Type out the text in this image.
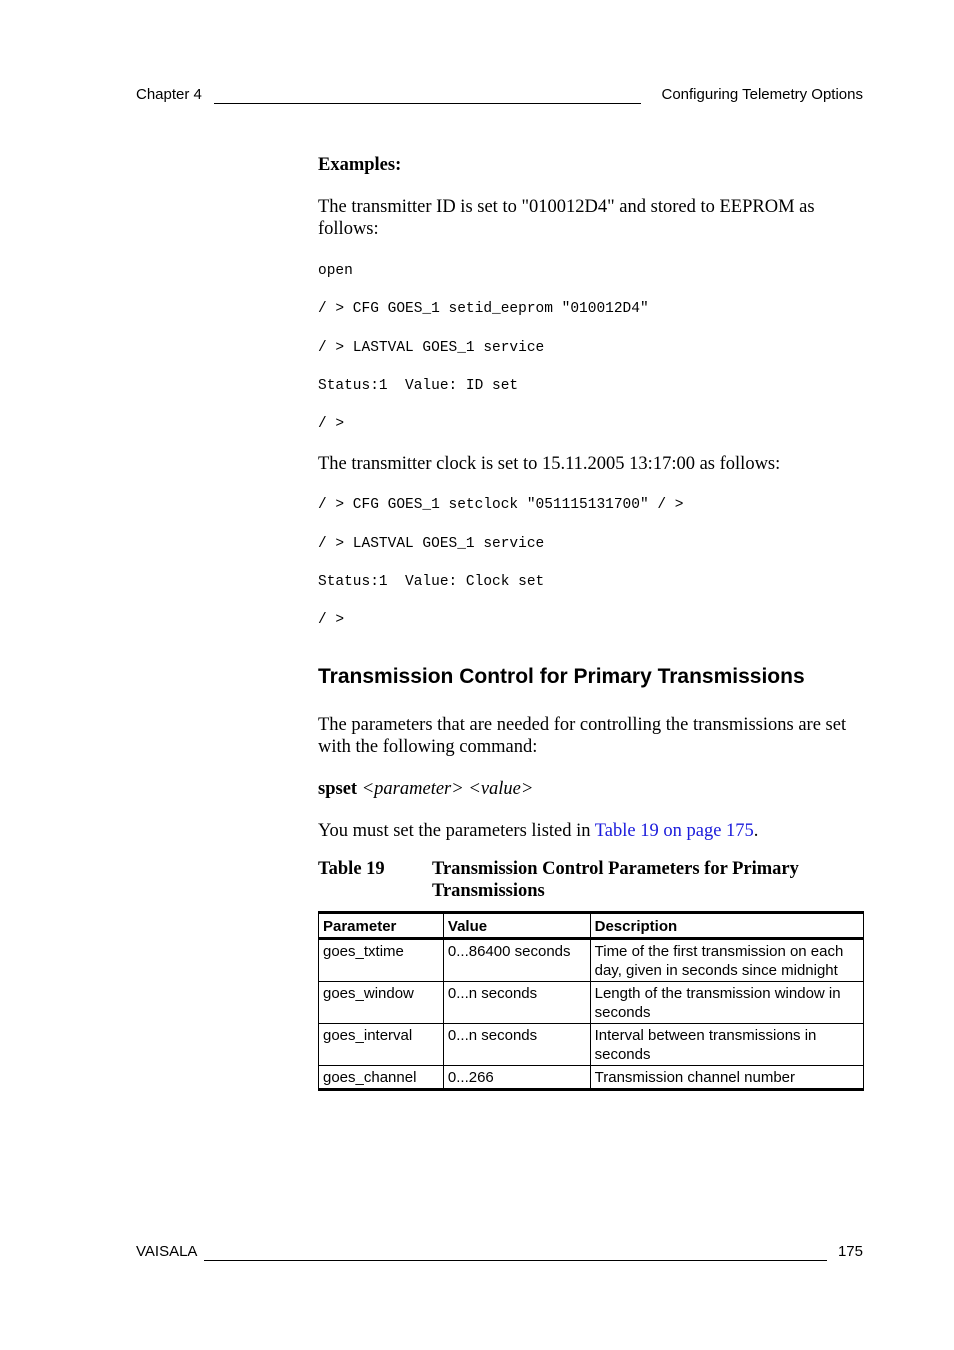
Chapter 4	Configuring Telemetry Options
Examples:
The transmitter ID is set to "010012D4" and stored to EEPROM as follows:
open
/ > CFG GOES_1 setid_eeprom "010012D4"
/ > LASTVAL GOES_1 service
Status:1  Value: ID set
/ >
The transmitter clock is set to 15.11.2005 13:17:00 as follows:
/ > CFG GOES_1 setclock "051115131700" / >
/ > LASTVAL GOES_1 service
Status:1  Value: Clock set
/ >
Transmission Control for Primary Transmissions
The parameters that are needed for controlling the transmissions are set with the following command:
spset <parameter> <value>
You must set the parameters listed in Table 19 on page 175.
Table 19	Transmission Control Parameters for Primary Transmissions
Parameter	Value	Description
goes_txtime	0...86400 seconds	Time of the first transmission on each day, given in seconds since midnight
goes_window	0...n seconds	Length of the transmission window in seconds
goes_interval	0...n seconds	Interval between transmissions in seconds
goes_channel	0...266	Transmission channel number
VAISALA	175
